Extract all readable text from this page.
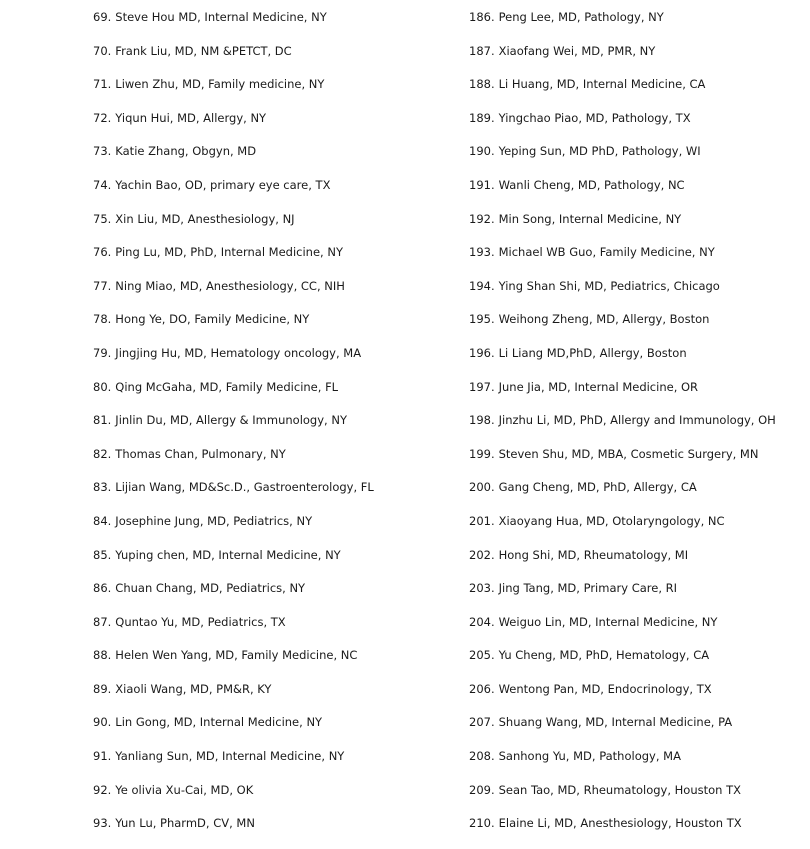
69. Steve Hou MD, Internal Medicine, NY
70. Frank Liu, MD, NM &PETCT, DC
71. Liwen Zhu, MD, Family medicine, NY
72. Yiqun Hui, MD, Allergy, NY
73. Katie Zhang, Obgyn, MD
74. Yachin Bao, OD, primary eye care, TX
75. Xin Liu, MD, Anesthesiology, NJ
76. Ping Lu, MD, PhD, Internal Medicine, NY
77. Ning Miao, MD, Anesthesiology, CC, NIH
78. Hong Ye, DO, Family Medicine, NY
79. Jingjing Hu, MD, Hematology oncology, MA
80. Qing McGaha, MD, Family Medicine, FL
81. Jinlin Du, MD, Allergy & Immunology, NY
82. Thomas Chan, Pulmonary, NY
83. Lijian Wang, MD&Sc.D., Gastroenterology, FL
84. Josephine Jung, MD, Pediatrics, NY
85. Yuping chen, MD, Internal Medicine, NY
86. Chuan Chang, MD, Pediatrics, NY
87. Quntao Yu, MD, Pediatrics, TX
88. Helen Wen Yang, MD, Family Medicine, NC
89. Xiaoli Wang, MD, PM&R, KY
90. Lin Gong, MD, Internal Medicine, NY
91. Yanliang Sun, MD, Internal Medicine, NY
92. Ye olivia Xu-Cai, MD, OK
93. Yun Lu, PharmD, CV, MN
186. Peng Lee, MD, Pathology, NY
187. Xiaofang Wei, MD, PMR, NY
188. Li Huang, MD, Internal Medicine, CA
189. Yingchao Piao, MD, Pathology, TX
190. Yeping Sun, MD PhD, Pathology, WI
191. Wanli Cheng, MD, Pathology, NC
192. Min Song, Internal Medicine, NY
193. Michael WB Guo, Family Medicine, NY
194. Ying Shan Shi, MD, Pediatrics, Chicago
195. Weihong Zheng, MD, Allergy, Boston
196. Li Liang MD,PhD, Allergy, Boston
197. June Jia, MD, Internal Medicine, OR
198. Jinzhu Li, MD, PhD, Allergy and Immunology, OH
199. Steven Shu, MD, MBA, Cosmetic Surgery, MN
200. Gang Cheng, MD, PhD, Allergy, CA
201. Xiaoyang Hua, MD, Otolaryngology, NC
202. Hong Shi, MD, Rheumatology, MI
203. Jing Tang, MD, Primary Care, RI
204. Weiguo Lin, MD, Internal Medicine, NY
205. Yu Cheng, MD, PhD, Hematology, CA
206. Wentong Pan, MD, Endocrinology, TX
207. Shuang Wang, MD, Internal Medicine, PA
208. Sanhong Yu, MD, Pathology, MA
209. Sean Tao, MD, Rheumatology, Houston TX
210. Elaine Li, MD, Anesthesiology, Houston TX
